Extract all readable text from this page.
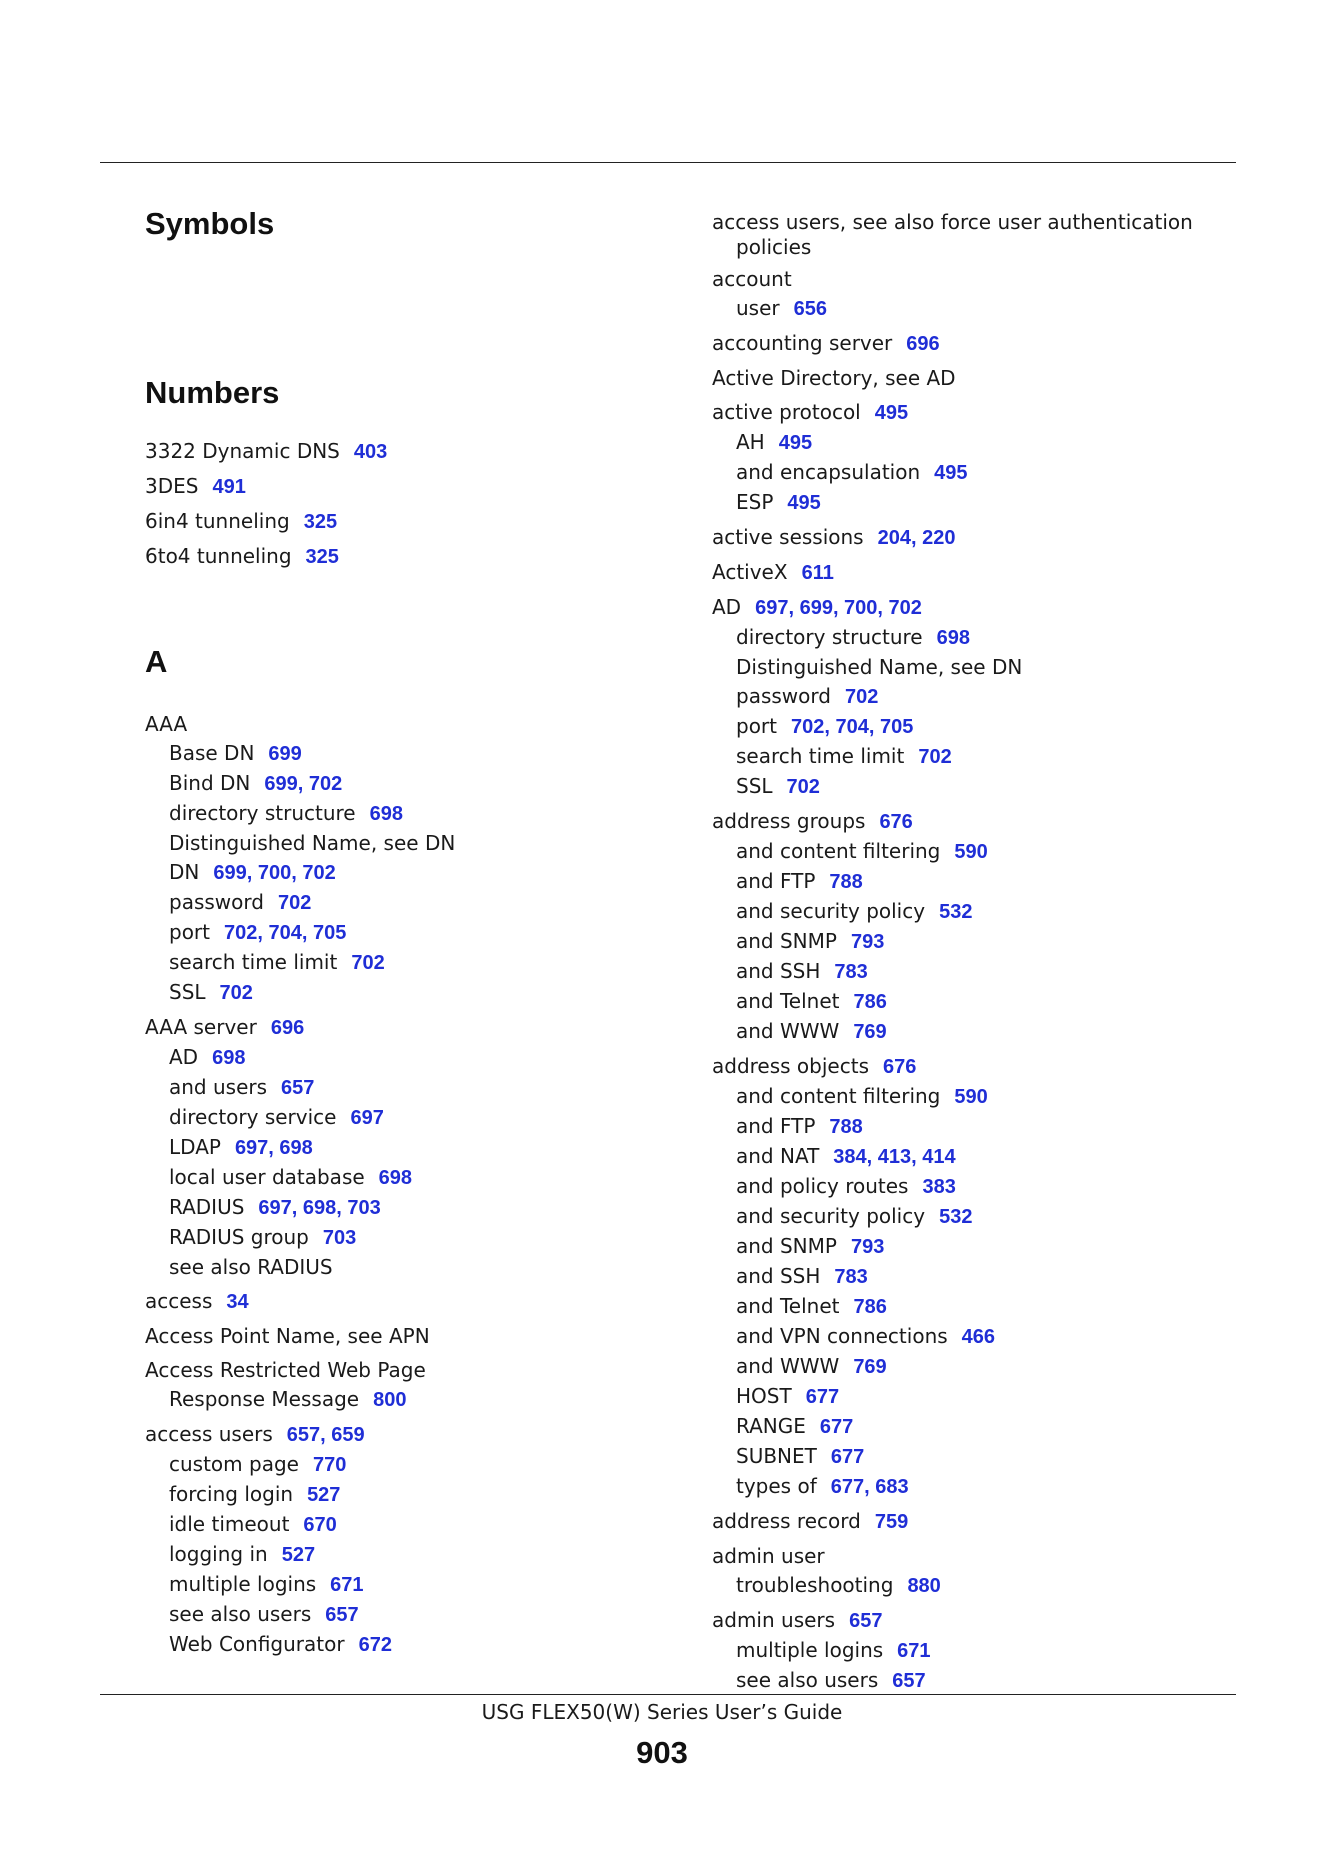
Symbols
Numbers
3322 Dynamic DNS 403
3DES 491
6in4 tunneling 325
6to4 tunneling 325
A
AAA
Base DN 699
Bind DN 699, 702
directory structure 698
Distinguished Name, see DN
DN 699, 700, 702
password 702
port 702, 704, 705
search time limit 702
SSL 702
AAA server 696
AD 698
and users 657
directory service 697
LDAP 697, 698
local user database 698
RADIUS 697, 698, 703
RADIUS group 703
see also RADIUS
access 34
Access Point Name, see APN
Access Restricted Web Page
Response Message 800
access users 657, 659
custom page 770
forcing login 527
idle timeout 670
logging in 527
multiple logins 671
see also users 657
Web Configurator 672
access users, see also force user authentication
policies
account
user 656
accounting server 696
Active Directory, see AD
active protocol 495
AH 495
and encapsulation 495
ESP 495
active sessions 204, 220
ActiveX 611
AD 697, 699, 700, 702
directory structure 698
Distinguished Name, see DN
password 702
port 702, 704, 705
search time limit 702
SSL 702
address groups 676
and content filtering 590
and FTP 788
and security policy 532
and SNMP 793
and SSH 783
and Telnet 786
and WWW 769
address objects 676
and content filtering 590
and FTP 788
and NAT 384, 413, 414
and policy routes 383
and security policy 532
and SNMP 793
and SSH 783
and Telnet 786
and VPN connections 466
and WWW 769
HOST 677
RANGE 677
SUBNET 677
types of 677, 683
address record 759
admin user
troubleshooting 880
admin users 657
multiple logins 671
see also users 657
USG FLEX50(W) Series User’s Guide
903
